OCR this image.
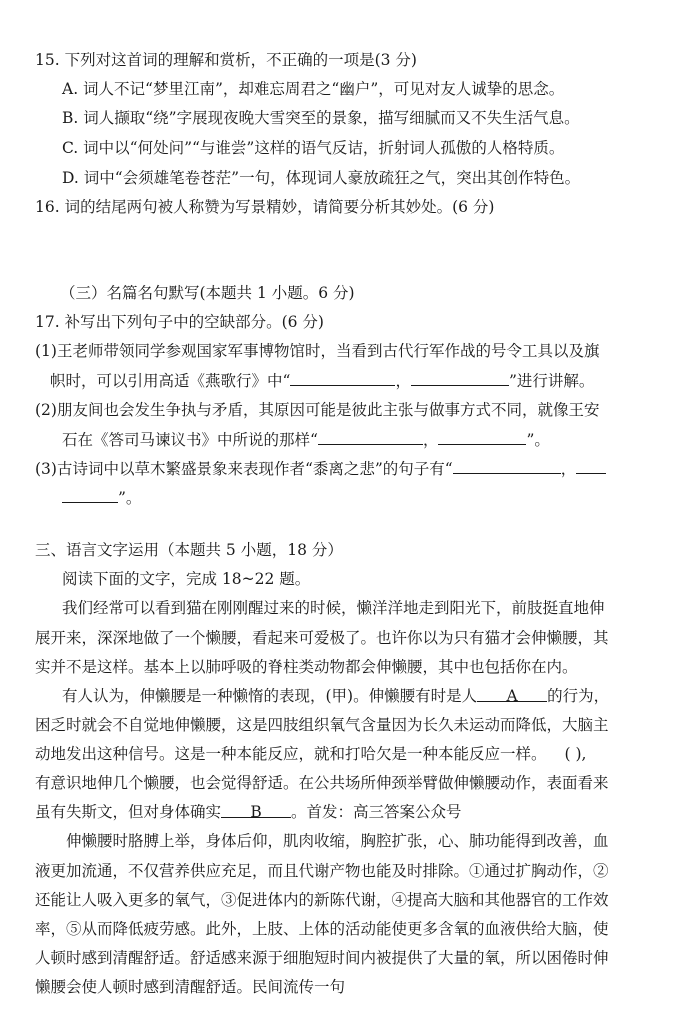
15. 下列对这首词的理解和赏析，不正确的一项是(3 分)
A. 词人不记“梦里江南”，却难忘周君之“幽户”，可见对友人诚挚的思念。
B. 词人撷取“绕”字展现夜晚大雪突至的景象，描写细腻而又不失生活气息。
C. 词中以“何处问”“与谁尝”这样的语气反诘，折射词人孤傲的人格特质。
D. 词中“会须雄笔卷苍茫”一句，体现词人豪放疏狂之气，突出其创作特色。
16. 词的结尾两句被人称赞为写景精妙，请简要分析其妙处。(6 分)
（三）名篇名句默写(本题共 1 小题。6 分)
17. 补写出下列句子中的空缺部分。(6 分)
(1)王老师带领同学参观国家军事博物馆时，当看到古代行军作战的号令工具以及旗
帜时，可以引用高适《燕歌行》中“	，	”进行讲解。
(2)朋友间也会发生争执与矛盾，其原因可能是彼此主张与做事方式不同，就像王安
石在《答司马谏议书》中所说的那样“	，	”。
(3)古诗词中以草木繁盛景象来表现作者“黍离之悲”的句子有“	，
”。
三、语言文字运用（本题共 5 小题，18 分）
阅读下面的文字，完成 18~22 题。
我们经常可以看到猫在刚刚醒过来的时候，懒洋洋地走到阳光下，前肢挺直地伸
展开来，深深地做了一个懒腰，看起来可爱极了。也许你以为只有猫才会伸懒腰，其
实并不是这样。基本上以肺呼吸的脊柱类动物都会伸懒腰，其中也包括你在内。
有人认为，伸懒腰是一种懒惰的表现，(甲)。伸懒腰有时是人 A 的行为，
困乏时就会不自觉地伸懒腰，这是四肢组织氧气含量因为长久未运动而降低，大脑主
动地发出这种信号。这是一种本能反应，就和打哈欠是一种本能反应一样。 ( ),
有意识地伸几个懒腰，也会觉得舒适。在公共场所伸颈举臂做伸懒腰动作，表面看来
虽有失斯文，但对身体确实 B 。首发：高三答案公众号
伸懒腰时胳膊上举，身体后仰，肌肉收缩，胸腔扩张，心、肺功能得到改善，血
液更加流通，不仅营养供应充足，而且代谢产物也能及时排除。①通过扩胸动作，②
还能让人吸入更多的氧气，③促进体内的新陈代谢，④提高大脑和其他器官的工作效
率，⑤从而降低疲劳感。此外，上肢、上体的活动能使更多含氧的血液供给大脑，使
人顿时感到清醒舒适。舒适感来源于细胞短时间内被提供了大量的氧，所以困倦时伸
懒腰会使人顿时感到清醒舒适。民间流传一句
